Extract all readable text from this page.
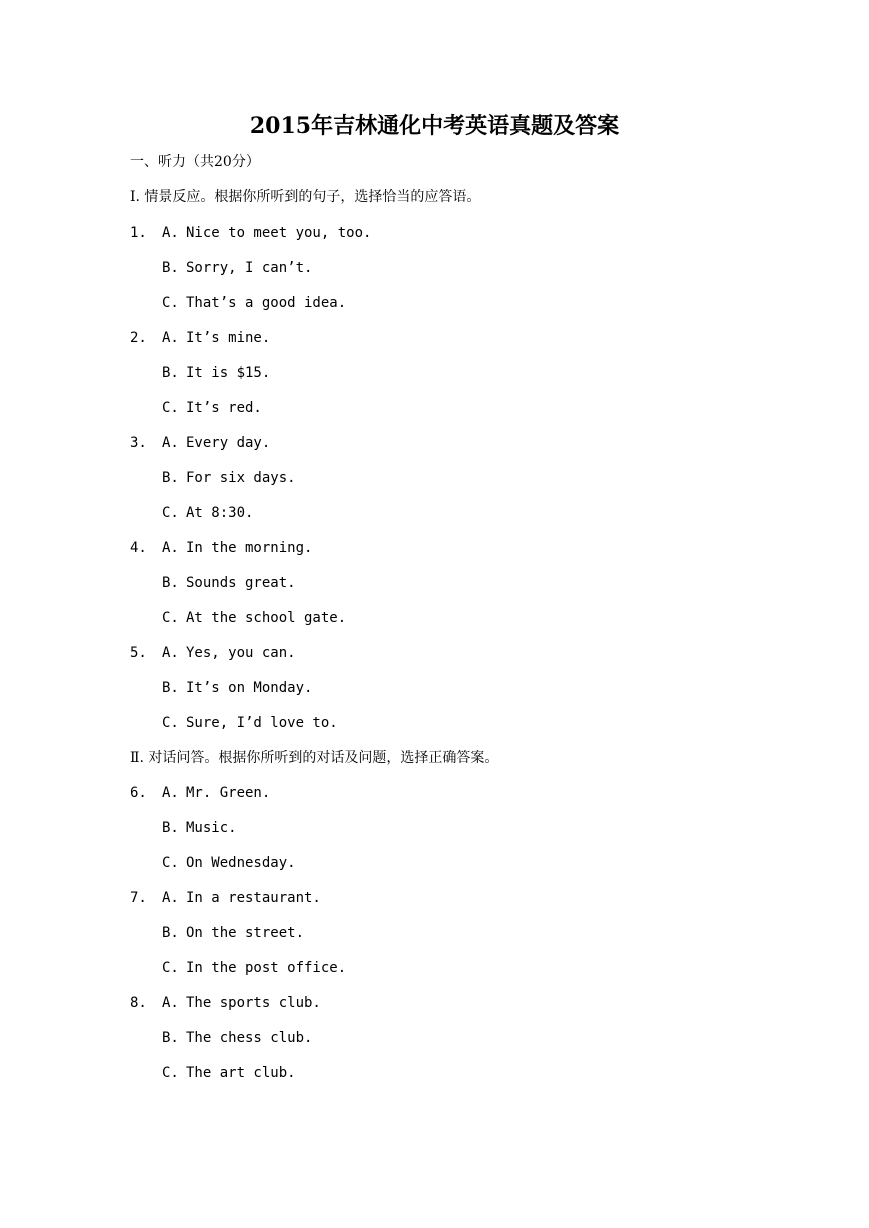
2015年吉林通化中考英语真题及答案
一、听力（共20分）
Ⅰ. 情景反应。根据你所听到的句子，选择恰当的应答语。
1.	A. Nice to meet you, too.
B. Sorry, I can’t.
C. That’s a good idea.
2.	A. It’s mine.
B. It is $15.
C. It’s red.
3.	A. Every day.
B. For six days.
C. At 8:30.
4.	A. In the morning.
B. Sounds great.
C. At the school gate.
5.	A. Yes, you can.
B. It’s on Monday.
C. Sure, I’d love to.
Ⅱ. 对话问答。根据你所听到的对话及问题，选择正确答案。
6.	A. Mr. Green.
B. Music.
C. On Wednesday.
7.	A. In a restaurant.
B. On the street.
C. In the post office.
8.	A. The sports club.
B. The chess club.
C. The art club.
